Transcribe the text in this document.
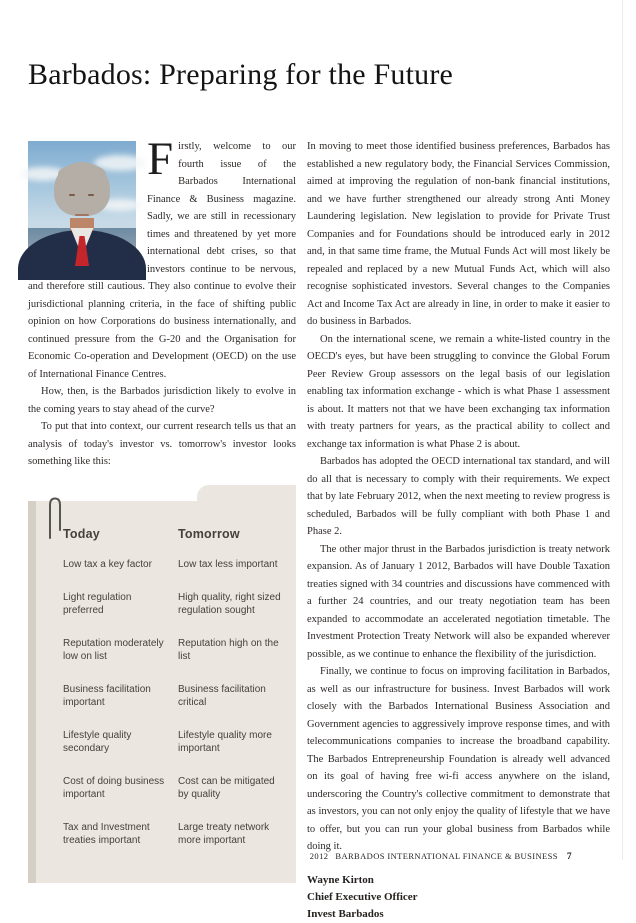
Barbados: Preparing for the Future

Firstly, welcome to our fourth issue of the Barbados International Finance & Business magazine. Sadly, we are still in recessionary times and threatened by yet more international debt crises, so that investors continue to be nervous, and therefore still cautious. They also continue to evolve their jurisdictional planning criteria, in the face of shifting public opinion on how Corporations do business internationally, and continued pressure from the G-20 and the Organisation for Economic Co-operation and Development (OECD) on the use of International Finance Centres.

How, then, is the Barbados jurisdiction likely to evolve in the coming years to stay ahead of the curve?

To put that into context, our current research tells us that an analysis of today's investor vs. tomorrow's investor looks something like this:

Today	Tomorrow
Low tax a key factor	Low tax less important
Light regulation preferred
High quality, right sized regulation sought
Reputation moderately low on list
Reputation high on the list
Business facilitation important
Business facilitation critical
Lifestyle quality secondary
Lifestyle quality more important
Cost of doing business important
Cost can be mitigated by quality
Tax and Investment treaties important
Large treaty network more important

In moving to meet those identified business preferences, Barbados has established a new regulatory body, the Financial Services Commission, aimed at improving the regulation of non-bank financial institutions, and we have further strengthened our already strong Anti Money Laundering legislation. New legislation to provide for Private Trust Companies and for Foundations should be introduced early in 2012 and, in that same time frame, the Mutual Funds Act will most likely be repealed and replaced by a new Mutual Funds Act, which will also recognise sophisticated investors. Several changes to the Companies Act and Income Tax Act are already in line, in order to make it easier to do business in Barbados.

On the international scene, we remain a white-listed country in the OECD's eyes, but have been struggling to convince the Global Forum Peer Review Group assessors on the legal basis of our legislation enabling tax information exchange - which is what Phase 1 assessment is about. It matters not that we have been exchanging tax information with treaty partners for years, as the practical ability to collect and exchange tax information is what Phase 2 is about.

Barbados has adopted the OECD international tax standard, and will do all that is necessary to comply with their requirements. We expect that by late February 2012, when the next meeting to review progress is scheduled, Barbados will be fully compliant with both Phase 1 and Phase 2.

The other major thrust in the Barbados jurisdiction is treaty network expansion. As of January 1 2012, Barbados will have Double Taxation treaties signed with 34 countries and discussions have commenced with a further 24 countries, and our treaty negotiation team has been expanded to accommodate an accelerated negotiation timetable. The Investment Protection Treaty Network will also be expanded wherever possible, as we continue to enhance the flexibility of the jurisdiction.

Finally, we continue to focus on improving facilitation in Barbados, as well as our infrastructure for business. Invest Barbados will work closely with the Barbados International Business Association and Government agencies to aggressively improve response times, and with telecommunications companies to increase the broadband capability. The Barbados Entrepreneurship Foundation is already well advanced on its goal of having free wi-fi access anywhere on the island, underscoring the Country's collective commitment to demonstrate that as investors, you can not only enjoy the quality of lifestyle that we have to offer, but you can run your global business from Barbados while doing it.

Wayne Kirton
Chief Executive Officer
Invest Barbados
2012 BARBADOS INTERNATIONAL FINANCE & BUSINESS 7
